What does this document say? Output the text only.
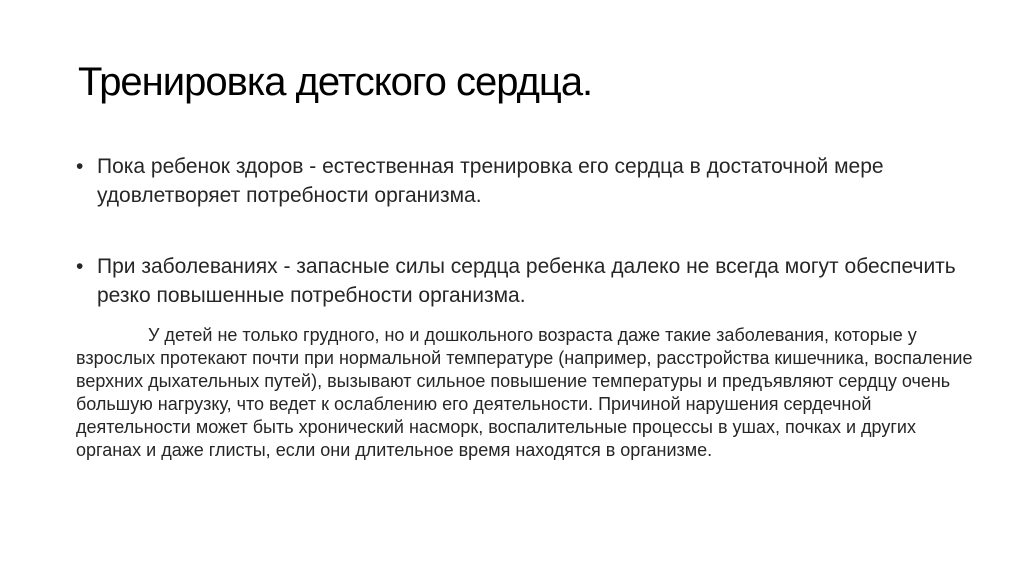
Тренировка детского сердца.
• Пока ребенок здоров - естественная тренировка его сердца в достаточной мере удовлетворяет потребности организма.
• При заболеваниях - запасные силы сердца ребенка далеко не всегда могут обеспечить резко повышенные потребности организма.

У детей не только грудного, но и дошкольного возраста даже такие заболевания, которые у взрослых протекают почти при нормальной температуре (например, расстройства кишечника, воспаление верхних дыхательных путей), вызывают сильное повышение температуры и предъявляют сердцу очень большую нагрузку, что ведет к ослаблению его деятельности. Причиной нарушения сердечной деятельности может быть хронический насморк, воспалительные процессы в ушах, почках и других органах и даже глисты, если они длительное время находятся в организме.
